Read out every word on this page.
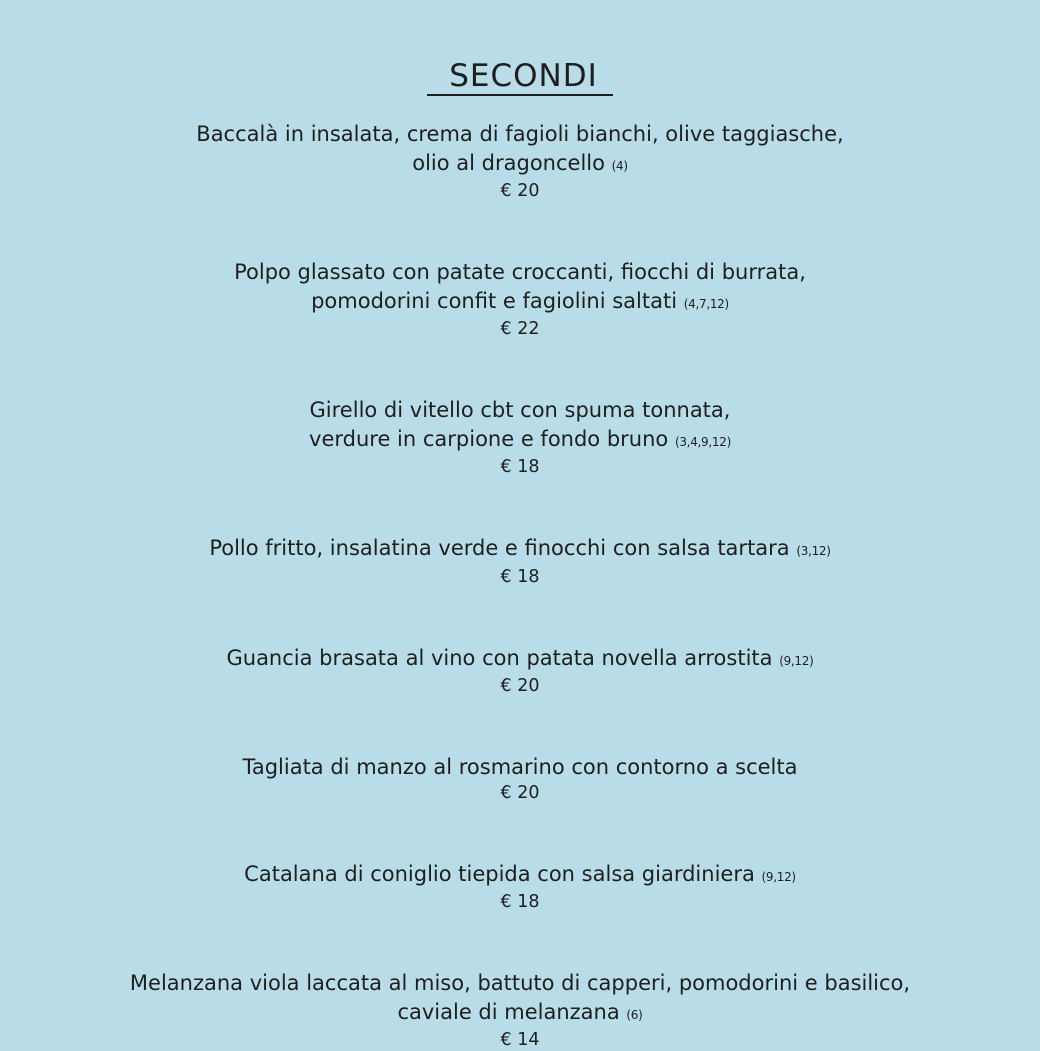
SECONDI
Baccalà in insalata, crema di fagioli bianchi, olive taggiasche,
olio al dragoncello (4)
€ 20
Polpo glassato con patate croccanti, fiocchi di burrata,
pomodorini confit e fagiolini saltati (4,7,12)
€ 22
Girello di vitello cbt con spuma tonnata,
verdure in carpione e fondo bruno (3,4,9,12)
€ 18
Pollo fritto, insalatina verde e finocchi con salsa tartara (3,12)
€ 18
Guancia brasata al vino con patata novella arrostita (9,12)
€ 20
Tagliata di manzo al rosmarino con contorno a scelta
€ 20
Catalana di coniglio tiepida con salsa giardiniera (9,12)
€ 18
Melanzana viola laccata al miso, battuto di capperi, pomodorini e basilico,
caviale di melanzana (6)
€ 14
